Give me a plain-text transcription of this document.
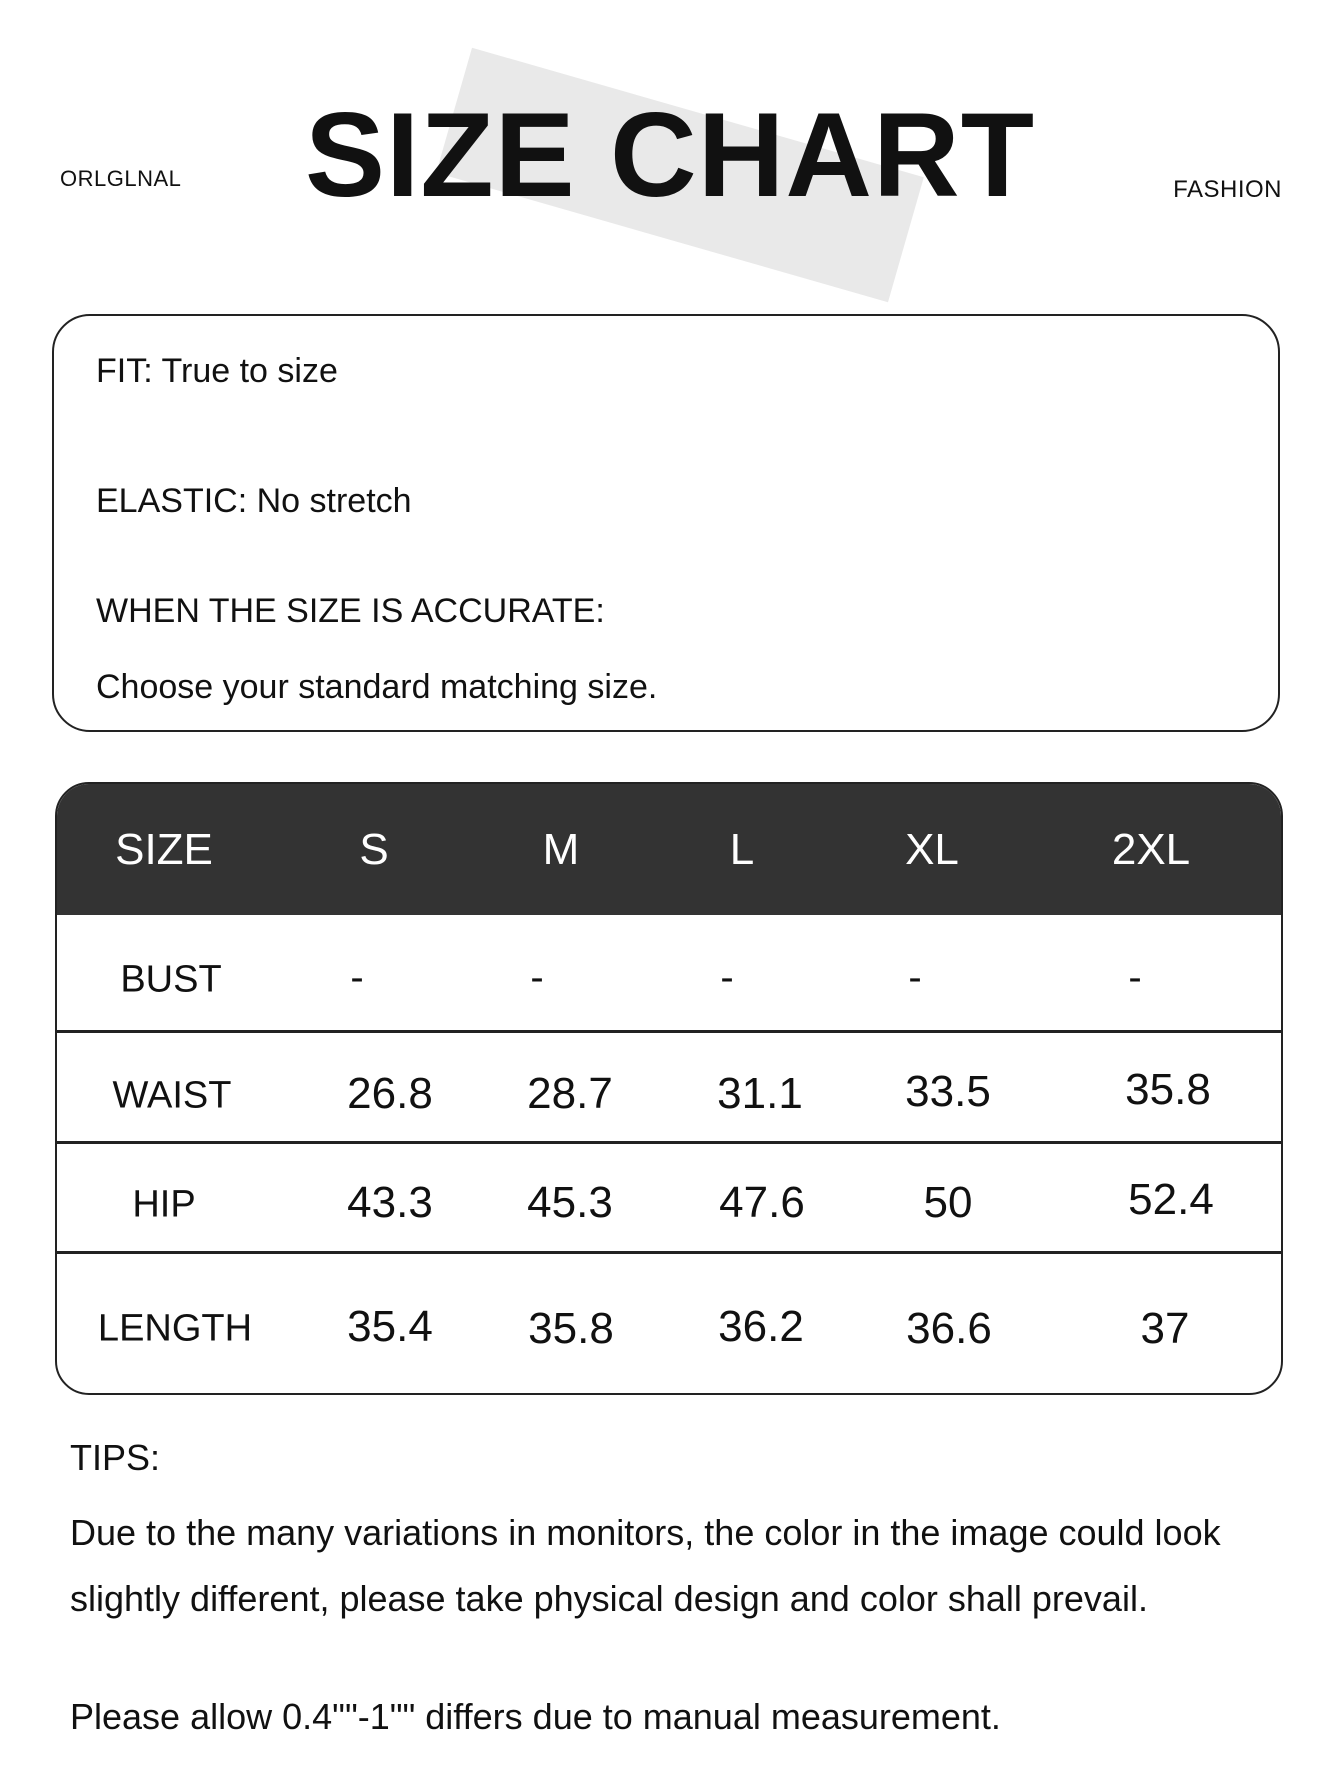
SIZE CHART
ORLGLNAL	FASHION
FIT: True to size
ELASTIC: No stretch
WHEN THE SIZE IS ACCURATE:
Choose your standard matching size.
SIZE	S	M	L	XL	2XL
BUST	-	-	-	-	-
WAIST	26.8 28.7 31.1 33.5	35.8
HIP	43.3 45.3 47.6	50	52.4
LENGTH 35.4 35.8 36.2 36.6	37
TIPS:
Due to the many variations in monitors, the color in the image could look slightly different, please take physical design and color shall prevail.
Please allow 0.4""-1"" differs due to manual measurement.
